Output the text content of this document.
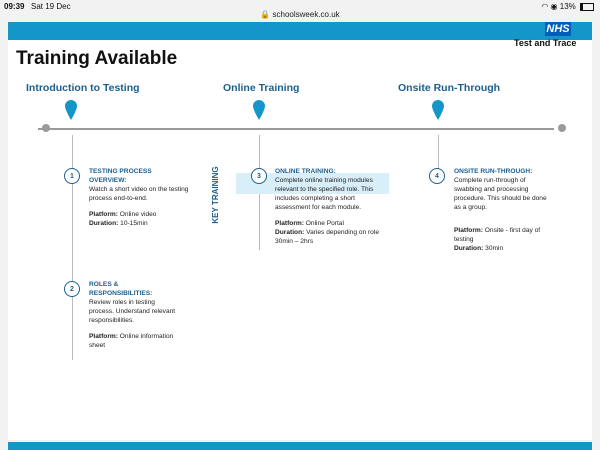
09:39 Sat 19 Dec
🔒 schoolsweek.co.uk
◠ ◉ 13%
Training Available
NHS
Test and Trace
Introduction to Testing	Online Training	Onsite Run-Through
KEY TRAINING
1
TESTING PROCESS
OVERVIEW:
Watch a short video on the testing
process end-to-end.
Platform: Online video
Duration: 10-15min
2
ROLES &
RESPONSIBILITIES:
Review roles in testing
process. Understand relevant
responsibilities.
Platform: Online information
sheet
3
ONLINE TRAINING:
Complete online training modules
relevant to the specified role. This
includes completing a short
assessment for each module.
Platform: Online Portal
Duration: Varies depending on role
30min – 2hrs
4
ONSITE RUN-THROUGH:
Complete run-through of
swabbing and processing
procedure. This should be done
as a group.
Platform: Onsite - first day of
testing
Duration: 30min
